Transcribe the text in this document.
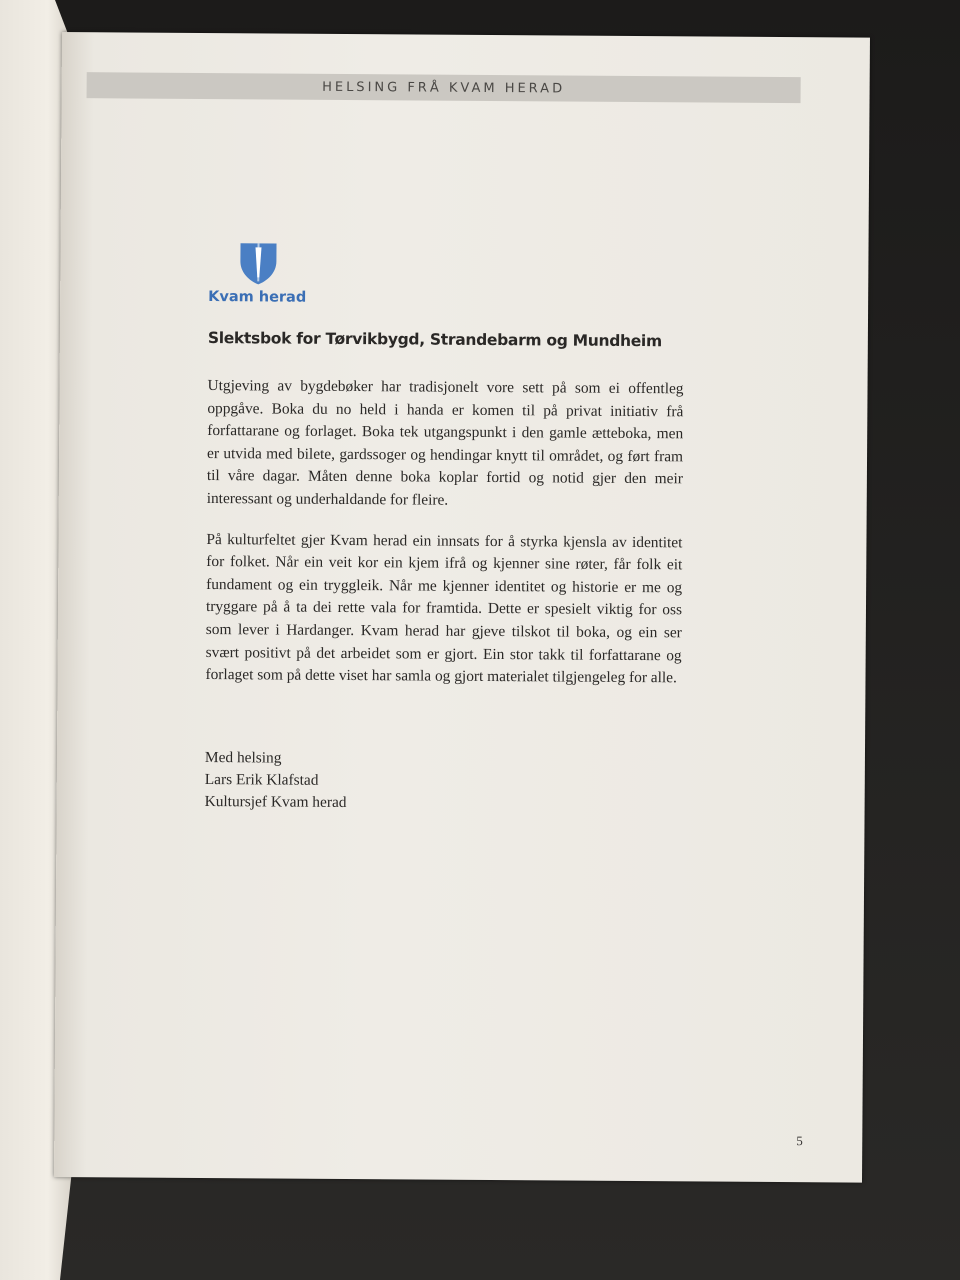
HELSING FRÅ KVAM HERAD
Kvam herad
Slektsbok for Tørvikbygd, Strandebarm og Mundheim

Utgjeving av bygdebøker har tradisjonelt vore sett på som ei offentleg oppgåve. Boka du no held i handa er komen til på privat initiativ frå forfattarane og forlaget. Boka tek utgangspunkt i den gamle ætteboka, men er utvida med bilete, gardssoger og hendingar knytt til området, og ført fram til våre dagar. Måten denne boka koplar fortid og notid gjer den meir interessant og underhaldande for fleire.

På kulturfeltet gjer Kvam herad ein innsats for å styrka kjensla av identitet for folket. Når ein veit kor ein kjem ifrå og kjenner sine røter, får folk eit fundament og ein tryggleik. Når me kjenner identitet og historie er me og tryggare på å ta dei rette vala for framtida. Dette er spesielt viktig for oss som lever i Hardanger. Kvam herad har gjeve tilskot til boka, og ein ser svært positivt på det arbeidet som er gjort. Ein stor takk til forfattarane og forlaget som på dette viset har samla og gjort materialet tilgjengeleg for alle.

Med helsing
Lars Erik Klafstad
Kultursjef Kvam herad
5
